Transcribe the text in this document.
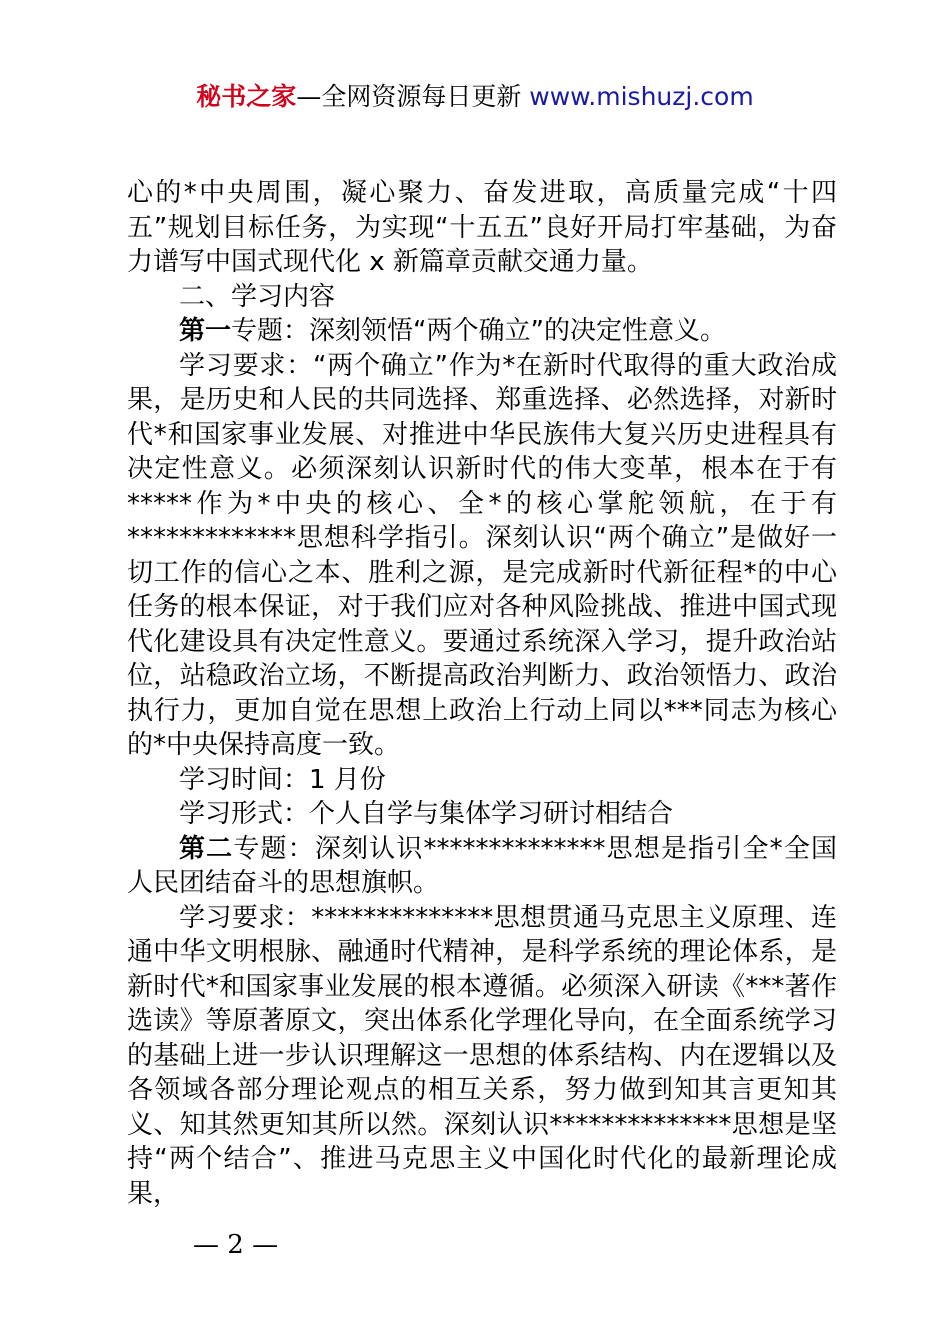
秘书之家—全网资源每日更新 www.mishuzj.com

心的*中央周围，凝心聚力、奋发进取，高质量完成“十四五”规划目标任务，为实现“十五五”良好开局打牢基础，为奋力谱写中国式现代化 x 新篇章贡献交通力量。

二、学习内容

第一专题：深刻领悟“两个确立”的决定性意义。

学习要求：“两个确立”作为*在新时代取得的重大政治成果，是历史和人民的共同选择、郑重选择、必然选择，对新时代*和国家事业发展、对推进中华民族伟大复兴历史进程具有决定性意义。必须深刻认识新时代的伟大变革，根本在于有*****作为*中央的核心、全*的核心掌舵领航，在于有*************思想科学指引。深刻认识“两个确立”是做好一切工作的信心之本、胜利之源，是完成新时代新征程*的中心任务的根本保证，对于我们应对各种风险挑战、推进中国式现代化建设具有决定性意义。要通过系统深入学习，提升政治站位，站稳政治立场，不断提高政治判断力、政治领悟力、政治执行力，更加自觉在思想上政治上行动上同以***同志为核心的*中央保持高度一致。

学习时间：1 月份

学习形式：个人自学与集体学习研讨相结合

第二专题：深刻认识**************思想是指引全*全国人民团结奋斗的思想旗帜。

学习要求：**************思想贯通马克思主义原理、连通中华文明根脉、融通时代精神，是科学系统的理论体系，是新时代*和国家事业发展的根本遵循。必须深入研读《***著作选读》等原著原文，突出体系化学理化导向，在全面系统学习的基础上进一步认识理解这一思想的体系结构、内在逻辑以及各领域各部分理论观点的相互关系，努力做到知其言更知其义、知其然更知其所以然。深刻认识**************思想是坚持“两个结合”、推进马克思主义中国化时代化的最新理论成果，

— 2 —
